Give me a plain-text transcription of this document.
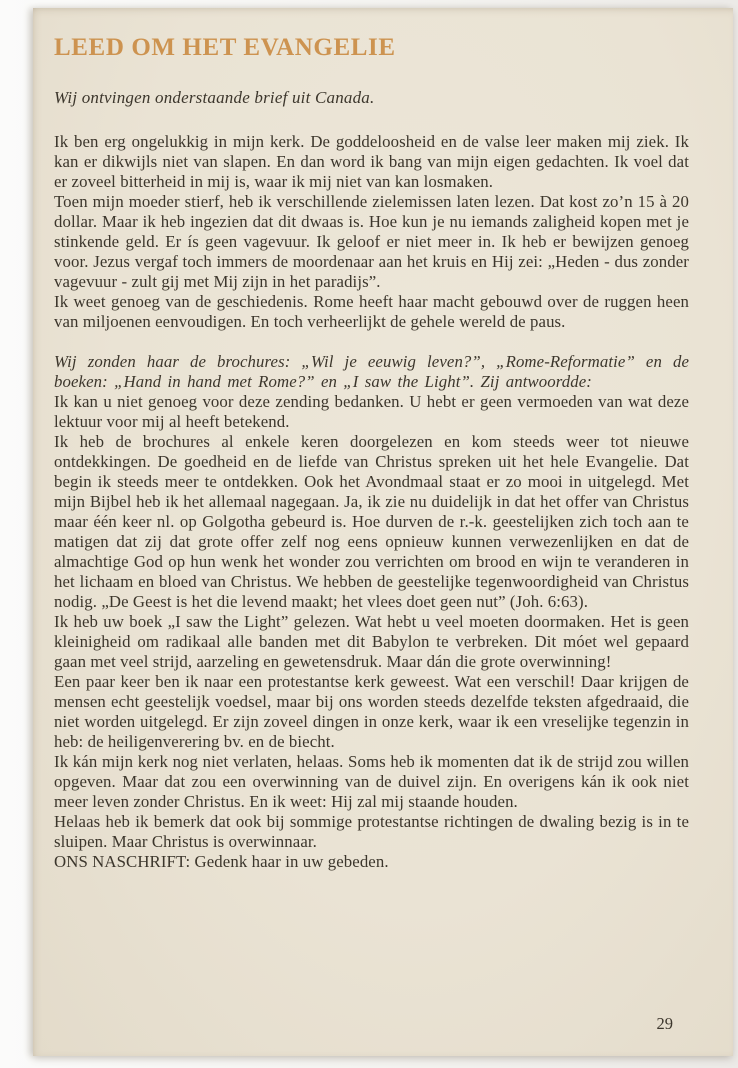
LEED OM HET EVANGELIE

Wij ontvingen onderstaande brief uit Canada.

Ik ben erg ongelukkig in mijn kerk. De goddeloosheid en de valse leer maken mij ziek. Ik kan er dikwijls niet van slapen. En dan word ik bang van mijn eigen gedachten. Ik voel dat er zoveel bitterheid in mij is, waar ik mij niet van kan losmaken.

Toen mijn moeder stierf, heb ik verschillende zielemissen laten lezen. Dat kost zo’n 15 à 20 dollar. Maar ik heb ingezien dat dit dwaas is. Hoe kun je nu iemands zaligheid kopen met je stinkende geld. Er ís geen vagevuur. Ik geloof er niet meer in. Ik heb er bewijzen genoeg voor. Jezus vergaf toch immers de moordenaar aan het kruis en Hij zei: „Heden - dus zonder vagevuur - zult gij met Mij zijn in het paradijs”.

Ik weet genoeg van de geschiedenis. Rome heeft haar macht gebouwd over de ruggen heen van miljoenen eenvoudigen. En toch verheerlijkt de gehele wereld de paus.

Wij zonden haar de brochures: „Wil je eeuwig leven?”, „Rome-Reformatie” en de boeken: „Hand in hand met Rome?” en „I saw the Light”. Zij antwoordde:

Ik kan u niet genoeg voor deze zending bedanken. U hebt er geen vermoeden van wat deze lektuur voor mij al heeft betekend.

Ik heb de brochures al enkele keren doorgelezen en kom steeds weer tot nieuwe ontdekkingen. De goedheid en de liefde van Christus spreken uit het hele Evangelie. Dat begin ik steeds meer te ontdekken. Ook het Avondmaal staat er zo mooi in uitgelegd. Met mijn Bijbel heb ik het allemaal nagegaan. Ja, ik zie nu duidelijk in dat het offer van Christus maar één keer nl. op Golgotha gebeurd is. Hoe durven de r.-k. geestelijken zich toch aan te matigen dat zij dat grote offer zelf nog eens opnieuw kunnen verwezenlijken en dat de almachtige God op hun wenk het wonder zou verrichten om brood en wijn te veranderen in het lichaam en bloed van Christus. We hebben de geestelijke tegenwoordigheid van Christus nodig. „De Geest is het die levend maakt; het vlees doet geen nut” (Joh. 6:63).

Ik heb uw boek „I saw the Light” gelezen. Wat hebt u veel moeten doormaken. Het is geen kleinigheid om radikaal alle banden met dit Babylon te verbreken. Dit móet wel gepaard gaan met veel strijd, aarzeling en gewetensdruk. Maar dán die grote overwinning!

Een paar keer ben ik naar een protestantse kerk geweest. Wat een verschil! Daar krijgen de mensen echt geestelijk voedsel, maar bij ons worden steeds dezelfde teksten afgedraaid, die niet worden uitgelegd. Er zijn zoveel dingen in onze kerk, waar ik een vreselijke tegenzin in heb: de heiligenverering bv. en de biecht.

Ik kán mijn kerk nog niet verlaten, helaas. Soms heb ik momenten dat ik de strijd zou willen opgeven. Maar dat zou een overwinning van de duivel zijn. En overigens kán ik ook niet meer leven zonder Christus. En ik weet: Hij zal mij staande houden.

Helaas heb ik bemerk dat ook bij sommige protestantse richtingen de dwaling bezig is in te sluipen. Maar Christus is overwinnaar.

ONS NASCHRIFT: Gedenk haar in uw gebeden.

29
